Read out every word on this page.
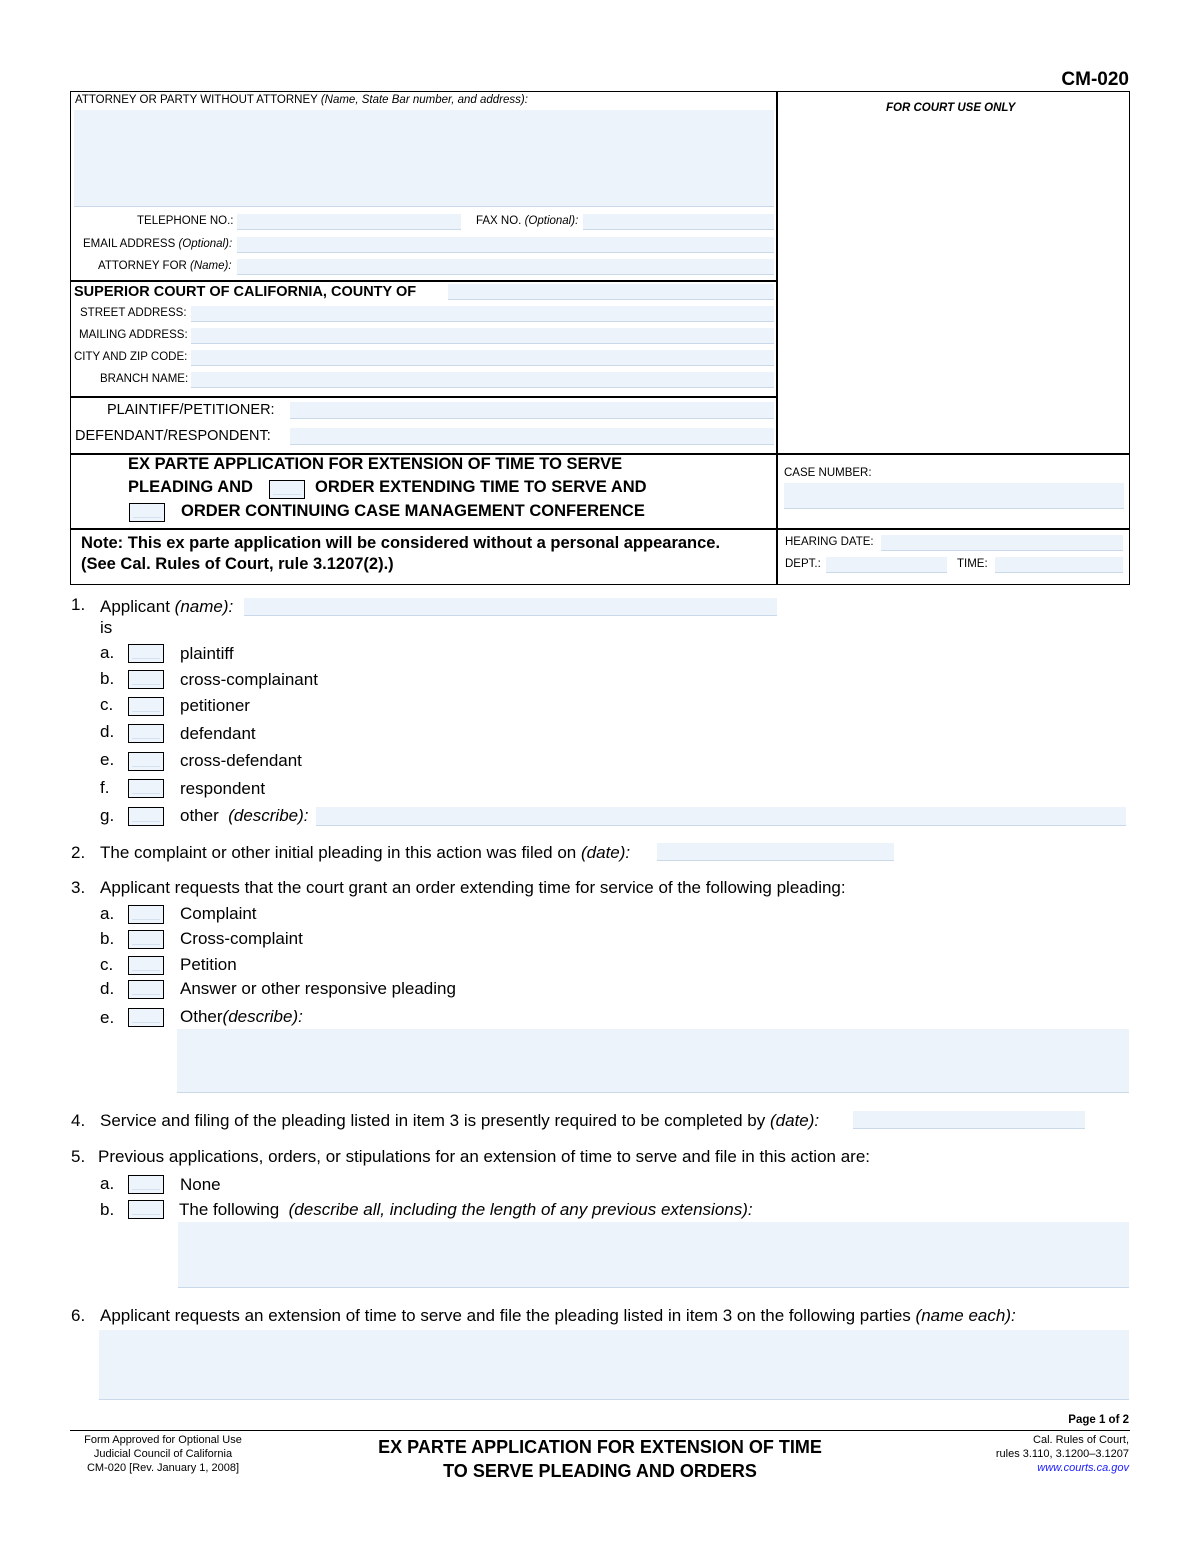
CM-020
ATTORNEY OR PARTY WITHOUT ATTORNEY (Name, State Bar number, and address):
TELEPHONE NO.:	FAX NO. (Optional):
EMAIL ADDRESS (Optional):
ATTORNEY FOR (Name):
FOR COURT USE ONLY
SUPERIOR COURT OF CALIFORNIA, COUNTY OF
STREET ADDRESS:
MAILING ADDRESS:
CITY AND ZIP CODE:
BRANCH NAME:
PLAINTIFF/PETITIONER:
DEFENDANT/RESPONDENT:
EX PARTE APPLICATION FOR EXTENSION OF TIME TO SERVE
PLEADING AND	ORDER EXTENDING TIME TO SERVE AND
ORDER CONTINUING CASE MANAGEMENT CONFERENCE
CASE NUMBER:
Note: This ex parte application will be considered without a personal appearance.
(See Cal. Rules of Court, rule 3.1207(2).)
HEARING DATE:
DEPT.:	TIME:
1. Applicant (name):
is
a.	plaintiff
b.	cross-complainant
c.	petitioner
d.	defendant
e.	cross-defendant
f.	respondent
g.	other (describe):
2. The complaint or other initial pleading in this action was filed on (date):
3. Applicant requests that the court grant an order extending time for service of the following pleading:
a.	Complaint
b.	Cross-complaint
c.	Petition
d.	Answer or other responsive pleading
e.	Other(describe):
4. Service and filing of the pleading listed in item 3 is presently required to be completed by (date):
5. Previous applications, orders, or stipulations for an extension of time to serve and file in this action are:
a.	None
b.	The following (describe all, including the length of any previous extensions):
6. Applicant requests an extension of time to serve and file the pleading listed in item 3 on the following parties (name each):
Page 1 of 2
Form Approved for Optional Use
Judicial Council of California
CM-020 [Rev. January 1, 2008]
EX PARTE APPLICATION FOR EXTENSION OF TIME
TO SERVE PLEADING AND ORDERS
Cal. Rules of Court,
rules 3.110, 3.1200–3.1207
www.courts.ca.gov
